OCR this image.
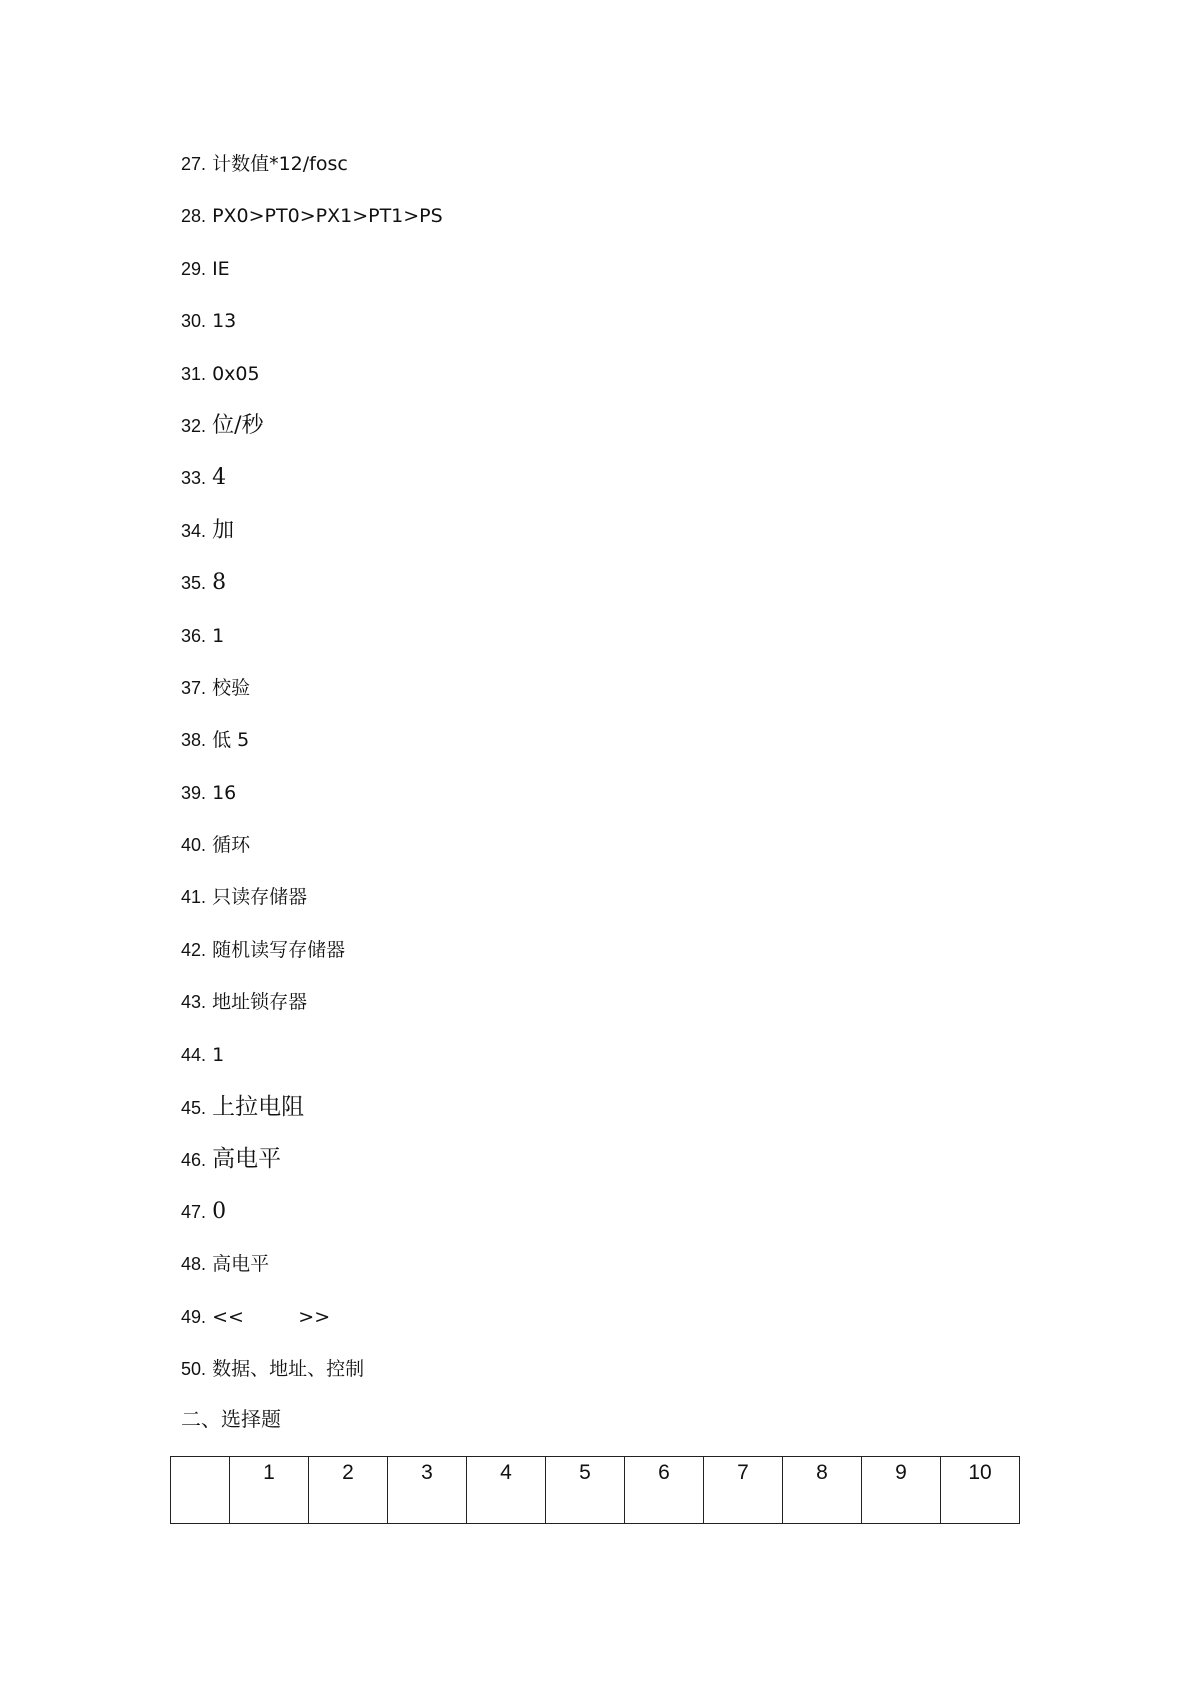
27. 计数值*12/fosc
28. PX0>PT0>PX1>PT1>PS
29. IE
30. 13
31. 0x05
32. 位/秒
33. 4
34. 加
35. 8
36. 1
37. 校验
38. 低 5
39. 16
40. 循环
41. 只读存储器
42. 随机读写存储器
43. 地址锁存器
44. 1
45. 上拉电阻
46. 高电平
47. 0
48. 高电平
49. <<         >>
50. 数据、地址、控制
二、选择题
	1	2	3	4	5	6	7	8	9	10
